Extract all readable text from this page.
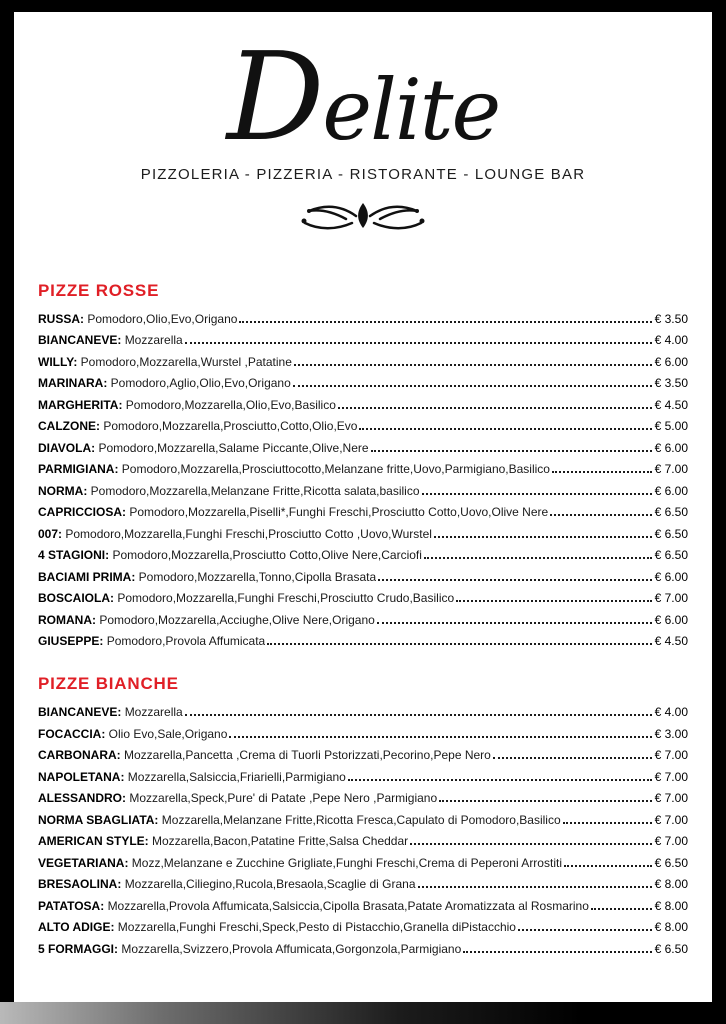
Delite
PIZZOLERIA - PIZZERIA - RISTORANTE - LOUNGE BAR
PIZZE ROSSE
RUSSA: Pomodoro,Olio,Evo,Origano	€ 3.50
BIANCANEVE: Mozzarella	€ 4.00
WILLY: Pomodoro,Mozzarella,Wurstel ,Patatine	€ 6.00
MARINARA: Pomodoro,Aglio,Olio,Evo,Origano	€ 3.50
MARGHERITA: Pomodoro,Mozzarella,Olio,Evo,Basilico	€ 4.50
CALZONE: Pomodoro,Mozzarella,Prosciutto,Cotto,Olio,Evo	€ 5.00
DIAVOLA: Pomodoro,Mozzarella,Salame Piccante,Olive,Nere	€ 6.00
PARMIGIANA: Pomodoro,Mozzarella,Prosciuttocotto,Melanzane fritte,Uovo,Parmigiano,Basilico	€ 7.00
NORMA: Pomodoro,Mozzarella,Melanzane Fritte,Ricotta salata,basilico	€ 6.00
CAPRICCIOSA: Pomodoro,Mozzarella,Piselli*,Funghi Freschi,Prosciutto Cotto,Uovo,Olive Nere	€ 6.50
007: Pomodoro,Mozzarella,Funghi Freschi,Prosciutto Cotto ,Uovo,Wurstel	€ 6.50
4 STAGIONI: Pomodoro,Mozzarella,Prosciutto Cotto,Olive Nere,Carciofi	€ 6.50
BACIAMI PRIMA: Pomodoro,Mozzarella,Tonno,Cipolla Brasata	€ 6.00
BOSCAIOLA: Pomodoro,Mozzarella,Funghi Freschi,Prosciutto Crudo,Basilico	€ 7.00
ROMANA: Pomodoro,Mozzarella,Acciughe,Olive Nere,Origano	€ 6.00
GIUSEPPE: Pomodoro,Provola Affumicata	€ 4.50
PIZZE BIANCHE
BIANCANEVE: Mozzarella	€ 4.00
FOCACCIA: Olio Evo,Sale,Origano	€ 3.00
CARBONARA: Mozzarella,Pancetta ,Crema di Tuorli Pstorizzati,Pecorino,Pepe Nero	€ 7.00
NAPOLETANA: Mozzarella,Salsiccia,Friarielli,Parmigiano	€ 7.00
ALESSANDRO: Mozzarella,Speck,Pure' di Patate ,Pepe Nero ,Parmigiano	€ 7.00
NORMA SBAGLIATA: Mozzarella,Melanzane Fritte,Ricotta Fresca,Capulato di Pomodoro,Basilico	€ 7.00
AMERICAN STYLE: Mozzarella,Bacon,Patatine Fritte,Salsa Cheddar	€ 7.00
VEGETARIANA: Mozz,Melanzane e Zucchine Grigliate,Funghi Freschi,Crema di Peperoni Arrostiti	€ 6.50
BRESAOLINA: Mozzarella,Ciliegino,Rucola,Bresaola,Scaglie di Grana	€ 8.00
PATATOSA: Mozzarella,Provola Affumicata,Salsiccia,Cipolla Brasata,Patate Aromatizzata al Rosmarino	€ 8.00
ALTO ADIGE: Mozzarella,Funghi Freschi,Speck,Pesto di Pistacchio,Granella diPistacchio	€ 8.00
5 FORMAGGI: Mozzarella,Svizzero,Provola Affumicata,Gorgonzola,Parmigiano	€ 6.50
